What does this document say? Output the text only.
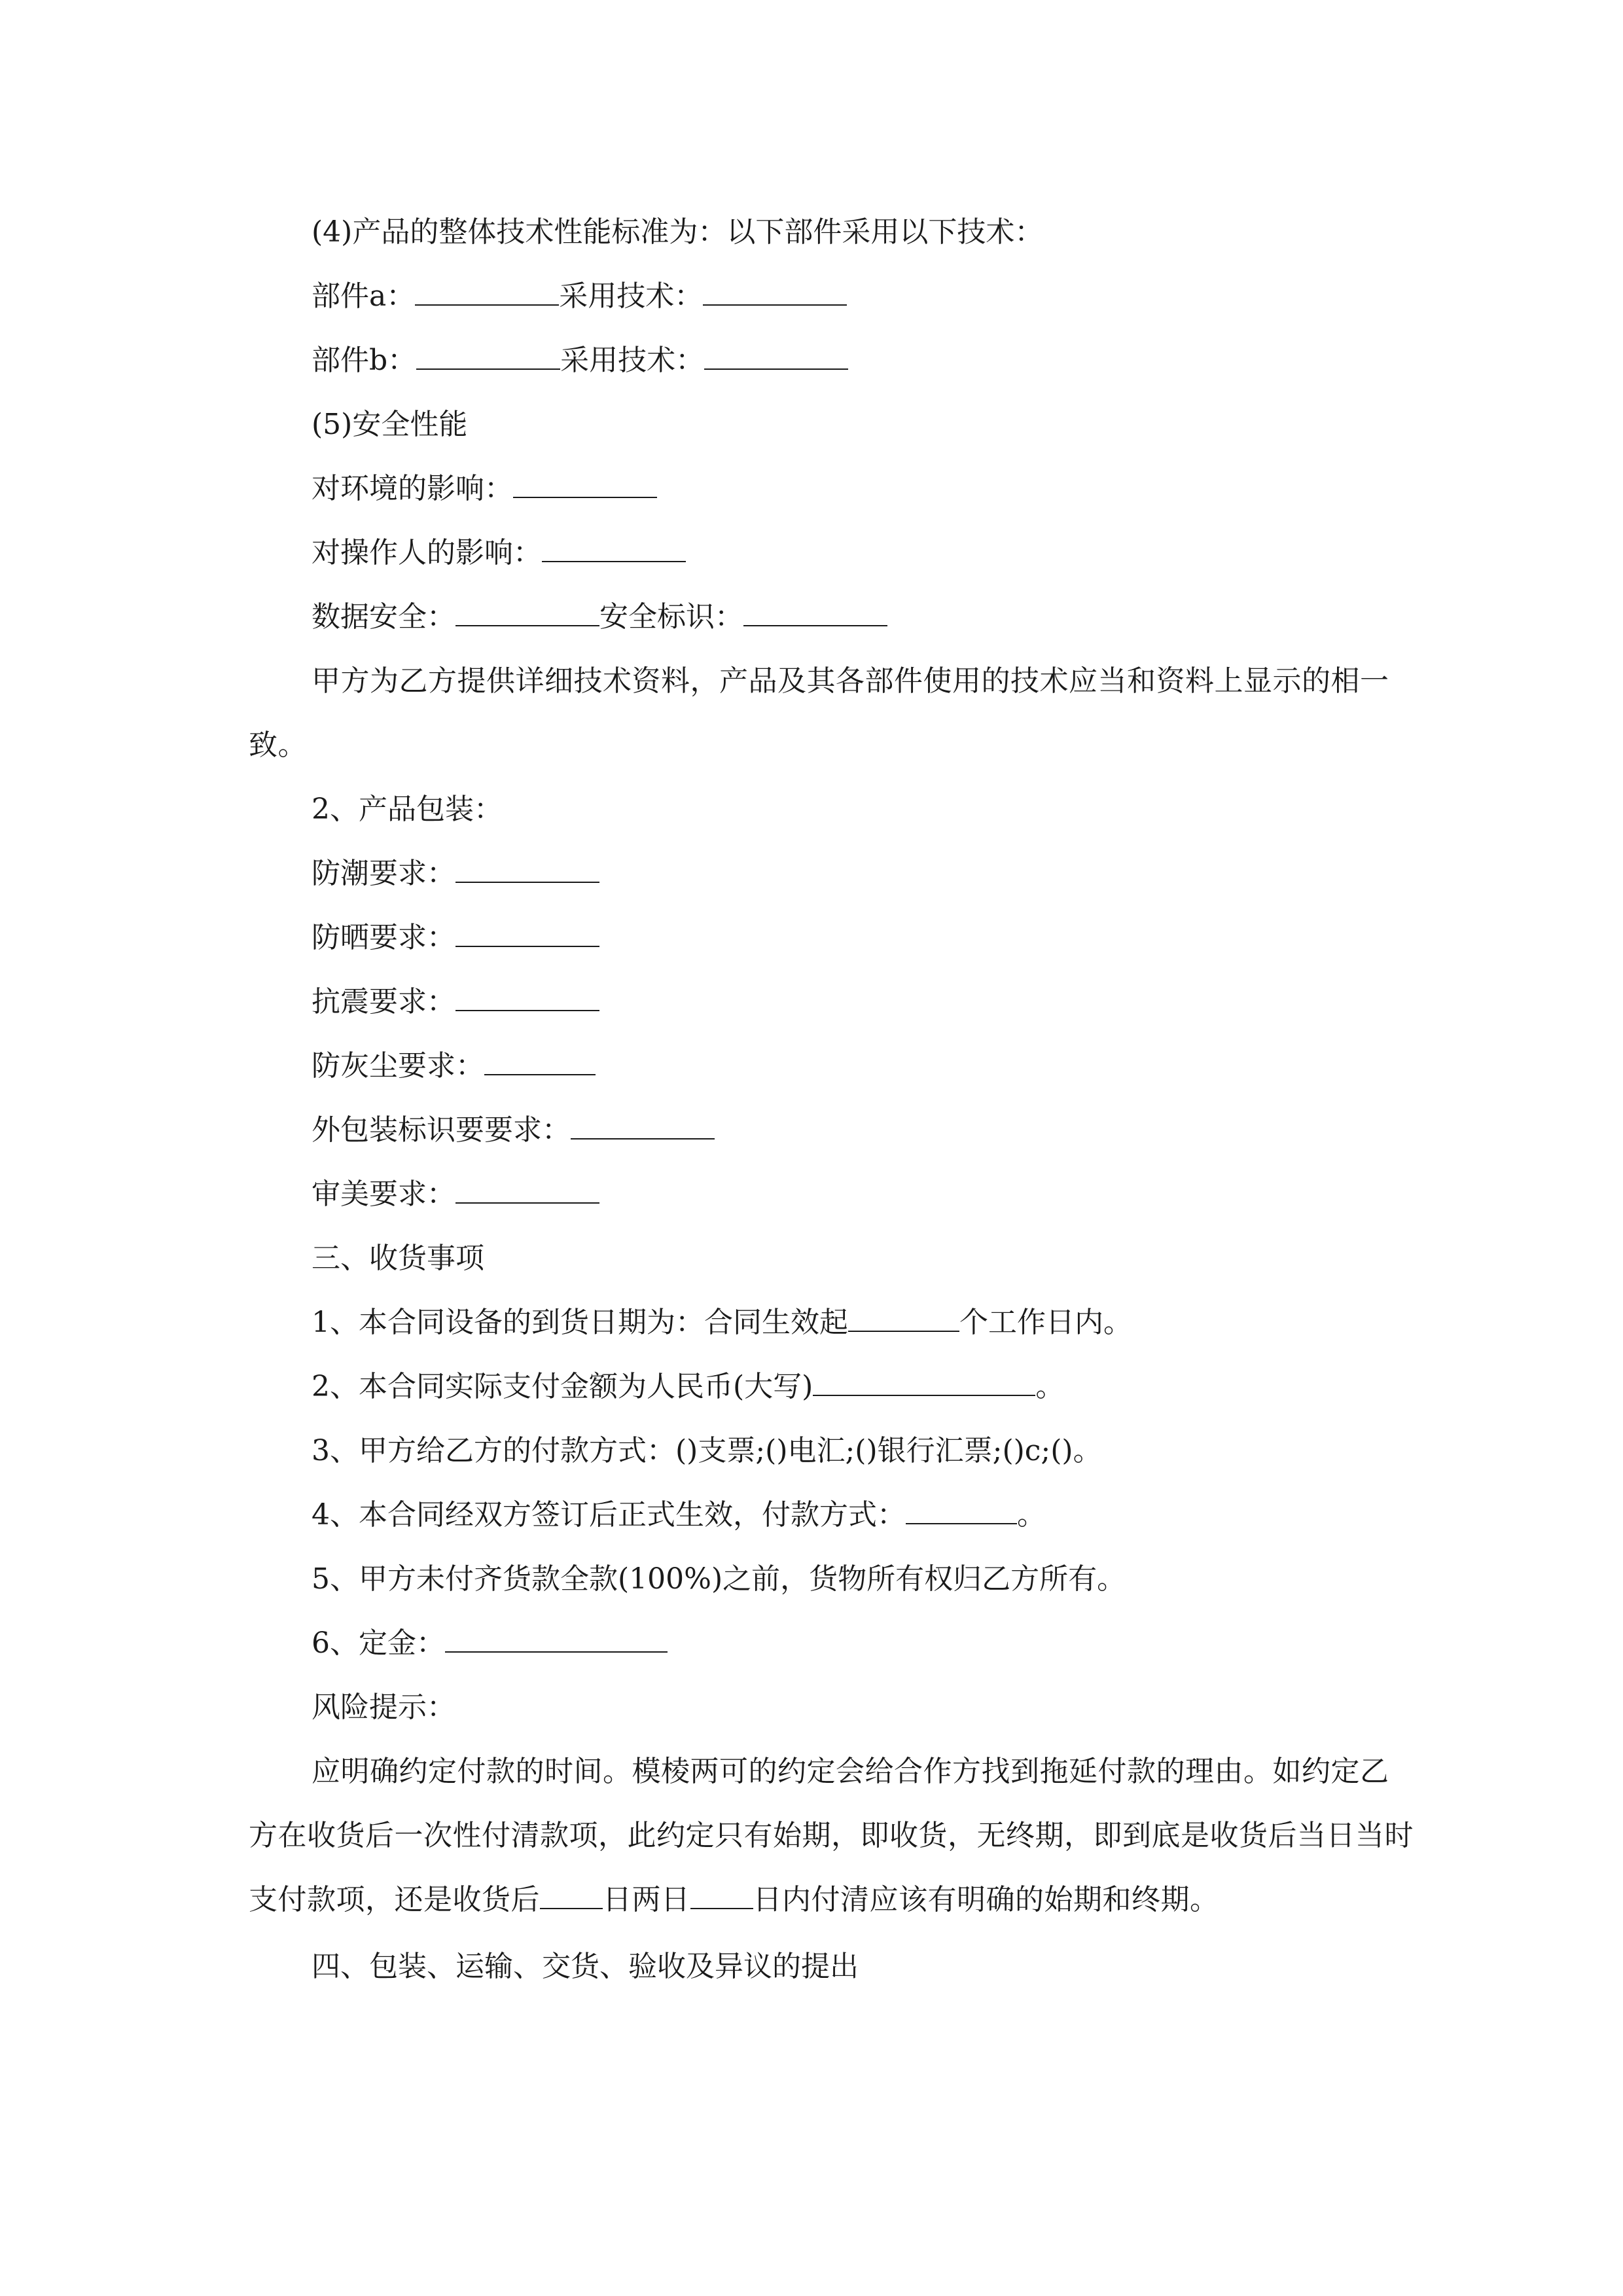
(4)产品的整体技术性能标准为：以下部件采用以下技术：
部件a：	采用技术：
部件b：	采用技术：
(5)安全性能
对环境的影响：
对操作人的影响：
数据安全：	安全标识：
甲方为乙方提供详细技术资料，产品及其各部件使用的技术应当和资料上显示的相一致。
2、产品包装：
防潮要求：
防晒要求：
抗震要求：
防灰尘要求：
外包装标识要要求：
审美要求：
三、收货事项
1、本合同设备的到货日期为：合同生效起	个工作日内。
2、本合同实际支付金额为人民币(大写)	。
3、甲方给乙方的付款方式：()支票;()电汇;()银行汇票;()c;()。
4、本合同经双方签订后正式生效，付款方式：	。
5、甲方未付齐货款全款(100%)之前，货物所有权归乙方所有。
6、定金：
风险提示：
应明确约定付款的时间。模棱两可的约定会给合作方找到拖延付款的理由。如约定乙方在收货后一次性付清款项，此约定只有始期，即收货，无终期，即到底是收货后当日当时支付款项，还是收货后 日两日 日内付清应该有明确的始期和终期。
四、包装、运输、交货、验收及异议的提出
